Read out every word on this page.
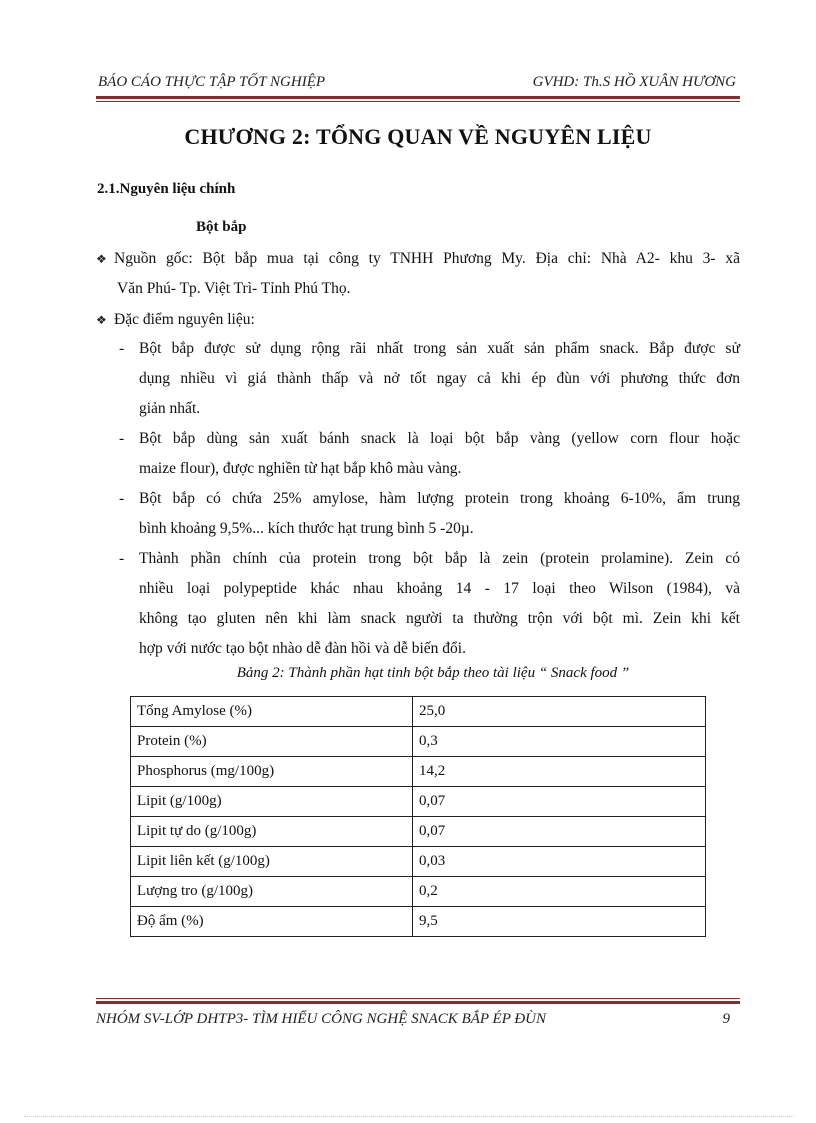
BÁO CÁO THỰC TẬP TỐT NGHIỆP	GVHD: Th.S HỒ XUÂN HƯƠNG
CHƯƠNG 2: TỔNG QUAN VỀ NGUYÊN LIỆU
2.1.Nguyên liệu chính
Bột bắp
❖ Nguồn gốc: Bột bắp mua tại công ty TNHH Phương My. Địa chỉ: Nhà A2- khu 3- xã
Văn Phú- Tp. Việt Trì- Tỉnh Phú Thọ.
❖ Đặc điểm nguyên liệu:
- Bột bắp được sử dụng rộng rãi nhất trong sản xuất sản phẩm snack. Bắp được sử
dụng nhiều vì giá thành thấp và nở tốt ngay cả khi ép đùn với phương thức đơn
giản nhất.
- Bột bắp dùng sản xuất bánh snack là loại bột bắp vàng (yellow corn flour hoặc
maize flour), được nghiền từ hạt bắp khô màu vàng.
- Bột bắp có chứa 25% amylose, hàm lượng protein trong khoảng 6-10%, ẩm trung
bình khoảng 9,5%... kích thước hạt trung bình 5 -20µ.
- Thành phần chính của protein trong bột bắp là zein (protein prolamine). Zein có
nhiều loại polypeptide khác nhau khoảng 14 - 17 loại theo Wilson (1984), và
không tạo gluten nên khi làm snack người ta thường trộn với bột mì. Zein khi kết
hợp với nước tạo bột nhào dễ đàn hồi và dễ biến đổi.
Bảng 2: Thành phần hạt tinh bột bắp theo tài liệu “ Snack food ”
Tổng Amylose (%)	25,0
Protein (%)	0,3
Phosphorus (mg/100g)	14,2
Lipit (g/100g)	0,07
Lipit tự do (g/100g)	0,07
Lipit liên kết (g/100g)	0,03
Lượng tro (g/100g)	0,2
Độ ẩm (%)	9,5
NHÓM SV-LỚP DHTP3- TÌM HIỂU CÔNG NGHỆ SNACK BẮP ÉP ĐÙN	9
